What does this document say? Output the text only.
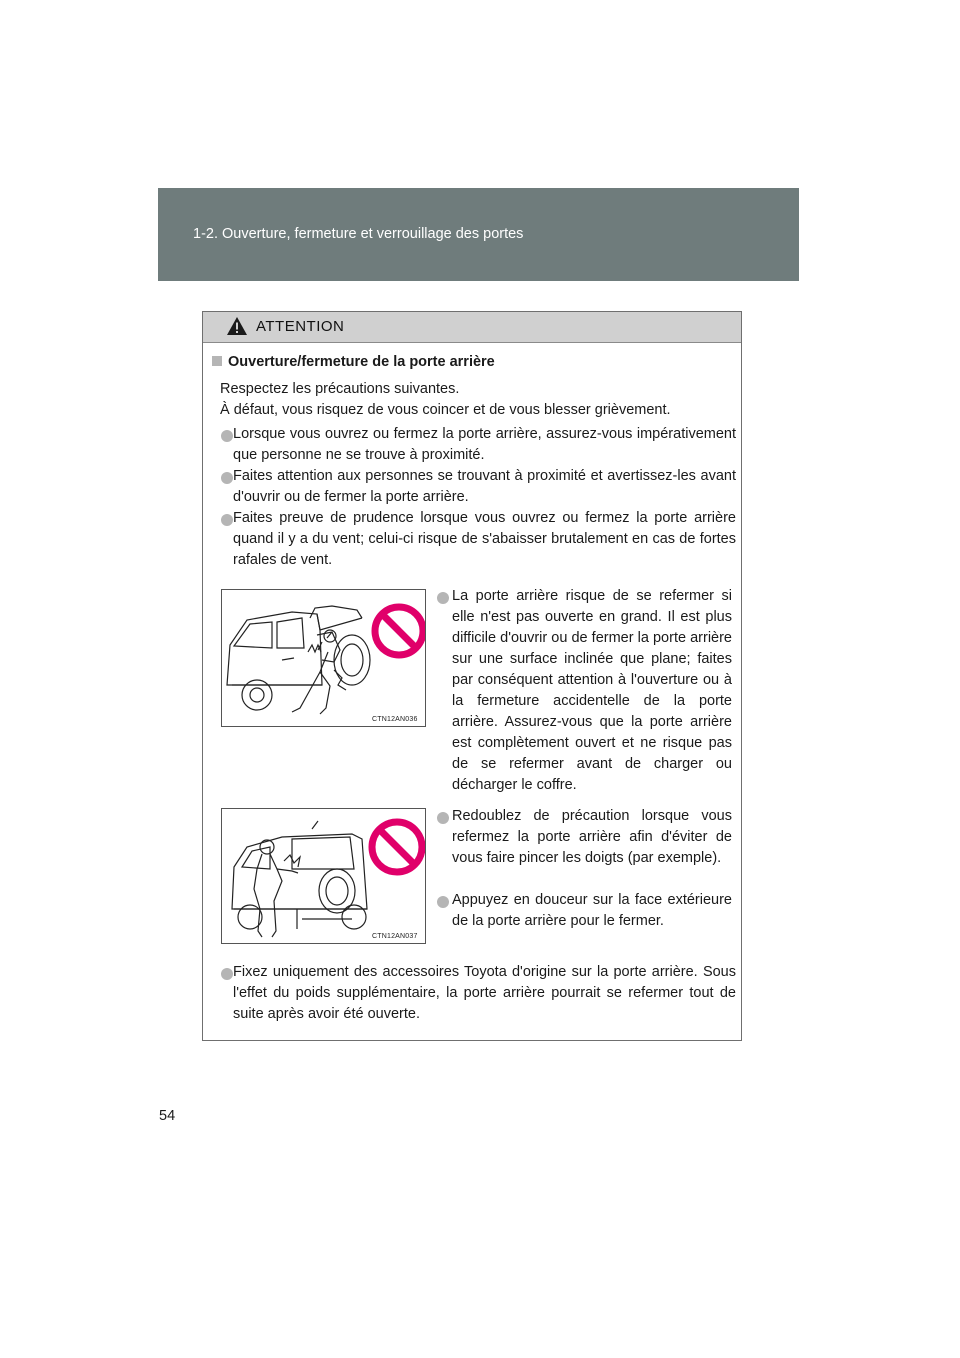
1-2. Ouverture, fermeture et verrouillage des portes
ATTENTION
Ouverture/fermeture de la porte arrière
Respectez les précautions suivantes.
À défaut, vous risquez de vous coincer et de vous blesser grièvement.
Lorsque vous ouvrez ou fermez la porte arrière, assurez-vous impérativement que personne ne se trouve à proximité.
Faites attention aux personnes se trouvant à proximité et avertissez-les avant d'ouvrir ou de fermer la porte arrière.
Faites preuve de prudence lorsque vous ouvrez ou fermez la porte arrière quand il y a du vent; celui-ci risque de s'abaisser brutalement en cas de fortes rafales de vent.
CTN12AN036
La porte arrière risque de se refermer si elle n'est pas ouverte en grand. Il est plus difficile d'ouvrir ou de fermer la porte arrière sur une surface inclinée que plane; faites par conséquent attention à l'ouverture ou à la fermeture accidentelle de la porte arrière. Assurez-vous que la porte arrière est complètement ouvert et ne risque pas de se refermer avant de charger ou décharger le coffre.
CTN12AN037
Redoublez de précaution lorsque vous refermez la porte arrière afin d'éviter de vous faire pincer les doigts (par exemple).
Appuyez en douceur sur la face extérieure de la porte arrière pour le fermer.
Fixez uniquement des accessoires Toyota d'origine sur la porte arrière. Sous l'effet du poids supplémentaire, la porte arrière pourrait se refermer tout de suite après avoir été ouverte.
54
